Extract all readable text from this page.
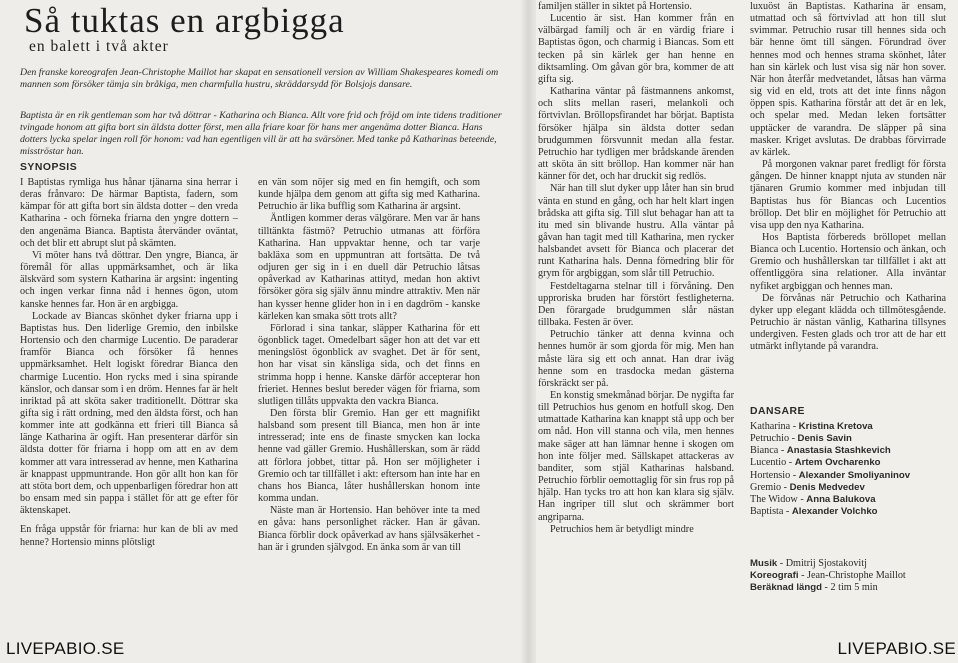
Så tuktas en argbigga
en balett i två akter

Den franske koreografen Jean-Christophe Maillot har skapat en sensationell version av William Shakespeares komedi om mannen som försöker tämja sin bråkiga, men charmfulla hustru, skräddarsydd för Bolsjojs dansare.

Baptista är en rik gentleman som har två döttrar - Katharina och Bianca. Allt vore frid och fröjd om inte tidens traditioner tvingade honom att gifta bort sin äldsta dotter först, men alla friare koar för hans mer angenäma dotter Bianca. Hans dotters lycka spelar ingen roll för honom: vad han egentligen vill är att ha svärsöner. Med tanke på Katharinas beteende, misströstar han.

SYNOPSIS

I Baptistas rymliga hus hånar tjänarna sina herrar i deras frånvaro: De härmar Baptista, fadern, som kämpar för att gifta bort sin äldsta dotter – den vreda Katharina - och förneka friarna den yngre dottern – den angenäma Bianca. Baptista återvänder oväntat, och det blir ett abrupt slut på skämten.

Vi möter hans två döttrar. Den yngre, Bianca, är föremål för allas uppmärksamhet, och är lika älskvärd som systern Katharina är argsint: ingenting och ingen verkar finna nåd i hennes ögon, utom kanske hennes far. Hon är en argbigga.

Lockade av Biancas skönhet dyker friarna upp i Baptistas hus. Den liderlige Gremio, den inbilske Hortensio och den charmige Lucentio. De paraderar framför Bianca och försöker få hennes uppmärksamhet. Helt logiskt föredrar Bianca den charmige Lucentio. Hon rycks med i sina spirande känslor, och dansar som i en dröm. Hennes far är helt inriktad på att sköta saker traditionellt. Döttrar ska gifta sig i rätt ordning, med den äldsta först, och han kommer inte att godkänna ett frieri till Bianca så länge Katharina är ogift. Han presenterar därför sin äldsta dotter för friarna i hopp om att en av dem kommer att vara intresserad av henne, men Katharina är knappast uppmuntrande. Hon gör allt hon kan för att stöta bort dem, och uppenbarligen föredrar hon att bo ensam med sin pappa i stället för att ge efter för äktenskapet.

En fråga uppstår för friarna: hur kan de bli av med henne? Hortensio minns plötsligt

en vän som nöjer sig med en fin hemgift, och som kunde hjälpa dem genom att gifta sig med Katharina. Petruchio är lika bufflig som Katharina är argsint.

Äntligen kommer deras välgörare. Men var är hans tilltänkta fästmö? Petruchio utmanas att förföra Katharina. Han uppvaktar henne, och tar varje bakläxa som en uppmuntran att fortsätta. De två odjuren ger sig in i en duell där Petruchio låtsas opåverkad av Katharinas attityd, medan hon aktivt försöker göra sig själv ännu mindre attraktiv. Men när han kysser henne glider hon in i en dagdröm - kanske kärleken kan smaka sött trots allt?

Förlorad i sina tankar, släpper Katharina för ett ögonblick taget. Omedelbart säger hon att det var ett meningslöst ögonblick av svaghet. Det är för sent, hon har visat sin känsliga sida, och det finns en strimma hopp i henne. Kanske därför accepterar hon frieriet. Hennes beslut bereder vägen för friarna, som slutligen tillåts uppvakta den vackra Bianca.

Den första blir Gremio. Han ger ett magnifikt halsband som present till Bianca, men hon är inte intresserad; inte ens de finaste smycken kan locka henne vad gäller Gremio. Hushållerskan, som är rädd att förlora jobbet, tittar på. Hon ser möjligheter i Gremio och tar tillfället i akt: eftersom han inte har en chans hos Bianca, låter hushållerskan honom inte komma undan.

Näste man är Hortensio. Han behöver inte ta med en gåva: hans personlighet räcker. Han är gåvan. Bianca förblir dock opåverkad av hans självsäkerhet - han är i grunden självgod. En änka som är van till

LIVEPABIO.SE

familjen ställer in siktet på Hortensio.

Lucentio är sist. Han kommer från en välbärgad familj och är en värdig friare i Baptistas ögon, och charmig i Biancas. Som ett tecken på sin kärlek ger han henne en diktsamling. Om gåvan gör bra, kommer de att gifta sig.

Katharina väntar på fästmannens ankomst, och slits mellan raseri, melankoli och förtvivlan. Bröllopsfirandet har börjat. Baptista försöker hjälpa sin äldsta dotter sedan brudgummen försvunnit medan alla festar. Petruchio har tydligen mer brådskande ärenden att sköta än sitt bröllop. Han kommer när han känner för det, och har druckit sig redlös.

När han till slut dyker upp låter han sin brud vänta en stund en gång, och har helt klart ingen brådska att gifta sig. Till slut behagar han att ta itu med sin blivande hustru. Alla väntar på gåvan han tagit med till Katharina, men rycker halsbandet avsett för Bianca och placerar det runt Katharina hals. Denna förnedring blir för grym för argbiggan, som slår till Petruchio.

Festdeltagarna stelnar till i förvåning. Den upproriska bruden har förstört festligheterna. Den förargade brudgummen slår nästan tillbaka. Festen är över.

Petruchio tänker att denna kvinna och hennes humör är som gjorda för mig. Men han måste lära sig ett och annat. Han drar iväg henne som en trasdocka medan gästerna förskräckt ser på.

En konstig smekmånad börjar. De nygifta far till Petruchios hus genom en hotfull skog. Den utmattade Katharina kan knappt stå upp och ber om nåd. Hon vill stanna och vila, men hennes make säger att han lämnar henne i skogen om hon inte följer med. Sällskapet attackeras av banditer, som stjäl Katharinas halsband. Petruchio förblir oemottaglig för sin frus rop på hjälp. Han tycks tro att hon kan klara sig själv. Han ingriper till slut och skrämmer bort angriparna.

Petruchios hem är betydligt mindre

luxuöst än Baptistas. Katharina är ensam, utmattad och så förtvivlad att hon till slut svimmar. Petruchio rusar till hennes sida och bär henne ömt till sängen. Förundrad över hennes mod och hennes strama skönhet, låter han sin kärlek och lust visa sig när hon sover. När hon återfår medvetandet, låtsas han värma sig vid en eld, trots att det inte finns någon öppen spis. Katharina förstår att det är en lek, och spelar med. Medan leken fortsätter upptäcker de varandra. De släpper på sina masker. Kriget avslutas. De drabbas förvirrade av kärlek.

På morgonen vaknar paret fredligt för första gången. De hinner knappt njuta av stunden när tjänaren Grumio kommer med inbjudan till Baptistas hus för Biancas och Lucentios bröllop. Det blir en möjlighet för Petruchio att visa upp den nya Katharina.

Hos Baptista förbereds bröllopet mellan Bianca och Lucentio. Hortensio och änkan, och Gremio och hushållerskan tar tillfället i akt att offentliggöra sina relationer. Alla inväntar nyfiket argbiggan och hennes man.

De förvånas när Petruchio och Katharina dyker upp elegant klädda och tillmötesgående. Petruchio är nästan vänlig, Katharina tillsynes undergiven. Festen glads och tror att de har ett utmärkt inflytande på varandra.

DANSARE
Katharina - Kristina Kretova
Petruchio - Denis Savin
Bianca - Anastasia Stashkevich
Lucentio - Artem Ovcharenko
Hortensio - Alexander Smoliyaninov
Gremio - Denis Medvedev
The Widow - Anna Balukova
Baptista - Alexander Volchko
Musik - Dmitrij Sjostakovitj
Koreografi - Jean-Christophe Maillot
Beräknad längd - 2 tim 5 min
LIVEPABIO.SE
